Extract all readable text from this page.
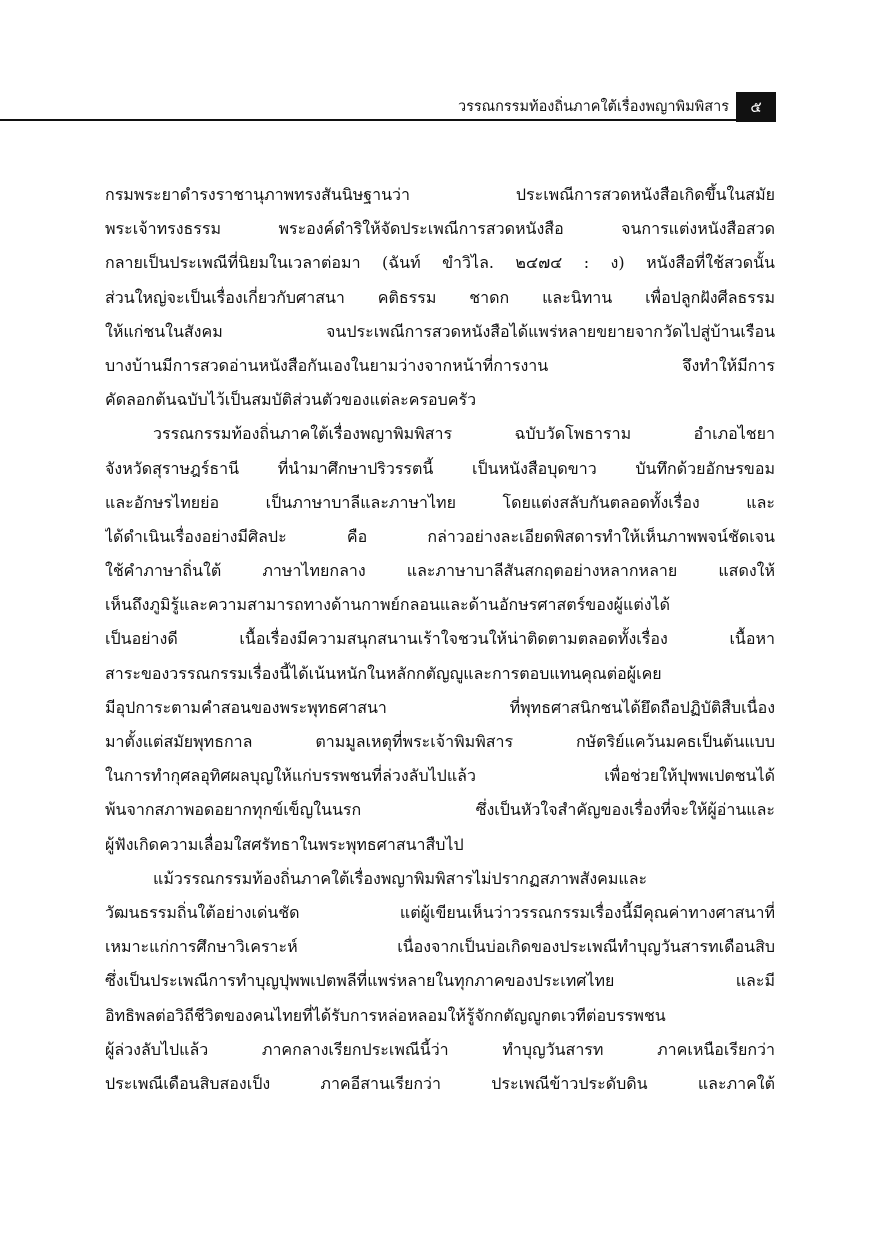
วรรณกรรมท้องถิ่นภาคใต้เรื่องพญาพิมพิสาร	๕
กรมพระยาดำรงราชานุภาพทรงสันนิษฐานว่า ประเพณีการสวดหนังสือเกิดขึ้นในสมัย
พระเจ้าทรงธรรม พระองค์ดำริให้จัดประเพณีการสวดหนังสือ จนการแต่งหนังสือสวด
กลายเป็นประเพณีที่นิยมในเวลาต่อมา (ฉันท์ ขำวิไล. ๒๔๗๔ : ง) หนังสือที่ใช้สวดนั้น
ส่วนใหญ่จะเป็นเรื่องเกี่ยวกับศาสนา คติธรรม ชาดก และนิทาน เพื่อปลูกฝังศีลธรรม
ให้แก่ชนในสังคม จนประเพณีการสวดหนังสือได้แพร่หลายขยายจากวัดไปสู่บ้านเรือน
บางบ้านมีการสวดอ่านหนังสือกันเองในยามว่างจากหน้าที่การงาน จึงทำให้มีการ
คัดลอกต้นฉบับไว้เป็นสมบัติส่วนตัวของแต่ละครอบครัว
วรรณกรรมท้องถิ่นภาคใต้เรื่องพญาพิมพิสาร ฉบับวัดโพธาราม อำเภอไชยา
จังหวัดสุราษฎร์ธานี ที่นำมาศึกษาปริวรรตนี้ เป็นหนังสือบุดขาว บันทึกด้วยอักษรขอม
และอักษรไทยย่อ เป็นภาษาบาลีและภาษาไทย โดยแต่งสลับกันตลอดทั้งเรื่อง และ
ได้ดำเนินเรื่องอย่างมีศิลปะ คือ กล่าวอย่างละเอียดพิสดารทำให้เห็นภาพพจน์ชัดเจน
ใช้คำภาษาถิ่นใต้ ภาษาไทยกลาง และภาษาบาลีสันสกฤตอย่างหลากหลาย แสดงให้
เห็นถึงภูมิรู้และความสามารถทางด้านกาพย์กลอนและด้านอักษรศาสตร์ของผู้แต่งได้
เป็นอย่างดี เนื้อเรื่องมีความสนุกสนานเร้าใจชวนให้น่าติดตามตลอดทั้งเรื่อง เนื้อหา
สาระของวรรณกรรมเรื่องนี้ได้เน้นหนักในหลักกตัญญูและการตอบแทนคุณต่อผู้เคย
มีอุปการะตามคำสอนของพระพุทธศาสนา ที่พุทธศาสนิกชนได้ยึดถือปฏิบัติสืบเนื่อง
มาตั้งแต่สมัยพุทธกาล ตามมูลเหตุที่พระเจ้าพิมพิสาร กษัตริย์แคว้นมคธเป็นต้นแบบ
ในการทำกุศลอุทิศผลบุญให้แก่บรรพชนที่ล่วงลับไปแล้ว เพื่อช่วยให้ปุพพเปตชนได้
พ้นจากสภาพอดอยากทุกข์เข็ญในนรก ซึ่งเป็นหัวใจสำคัญของเรื่องที่จะให้ผู้อ่านและ
ผู้ฟังเกิดความเลื่อมใสศรัทธาในพระพุทธศาสนาสืบไป
แม้วรรณกรรมท้องถิ่นภาคใต้เรื่องพญาพิมพิสารไม่ปรากฏสภาพสังคมและ
วัฒนธรรมถิ่นใต้อย่างเด่นชัด แต่ผู้เขียนเห็นว่าวรรณกรรมเรื่องนี้มีคุณค่าทางศาสนาที่
เหมาะแก่การศึกษาวิเคราะห์ เนื่องจากเป็นบ่อเกิดของประเพณีทำบุญวันสารทเดือนสิบ
ซึ่งเป็นประเพณีการทำบุญปุพพเปตพลีที่แพร่หลายในทุกภาคของประเทศไทย และมี
อิทธิพลต่อวิถีชีวิตของคนไทยที่ได้รับการหล่อหลอมให้รู้จักกตัญญูกตเวทีต่อบรรพชน
ผู้ล่วงลับไปแล้ว ภาคกลางเรียกประเพณีนี้ว่า ทำบุญวันสารท ภาคเหนือเรียกว่า
ประเพณีเดือนสิบสองเป็ง ภาคอีสานเรียกว่า ประเพณีข้าวประดับดิน และภาคใต้
